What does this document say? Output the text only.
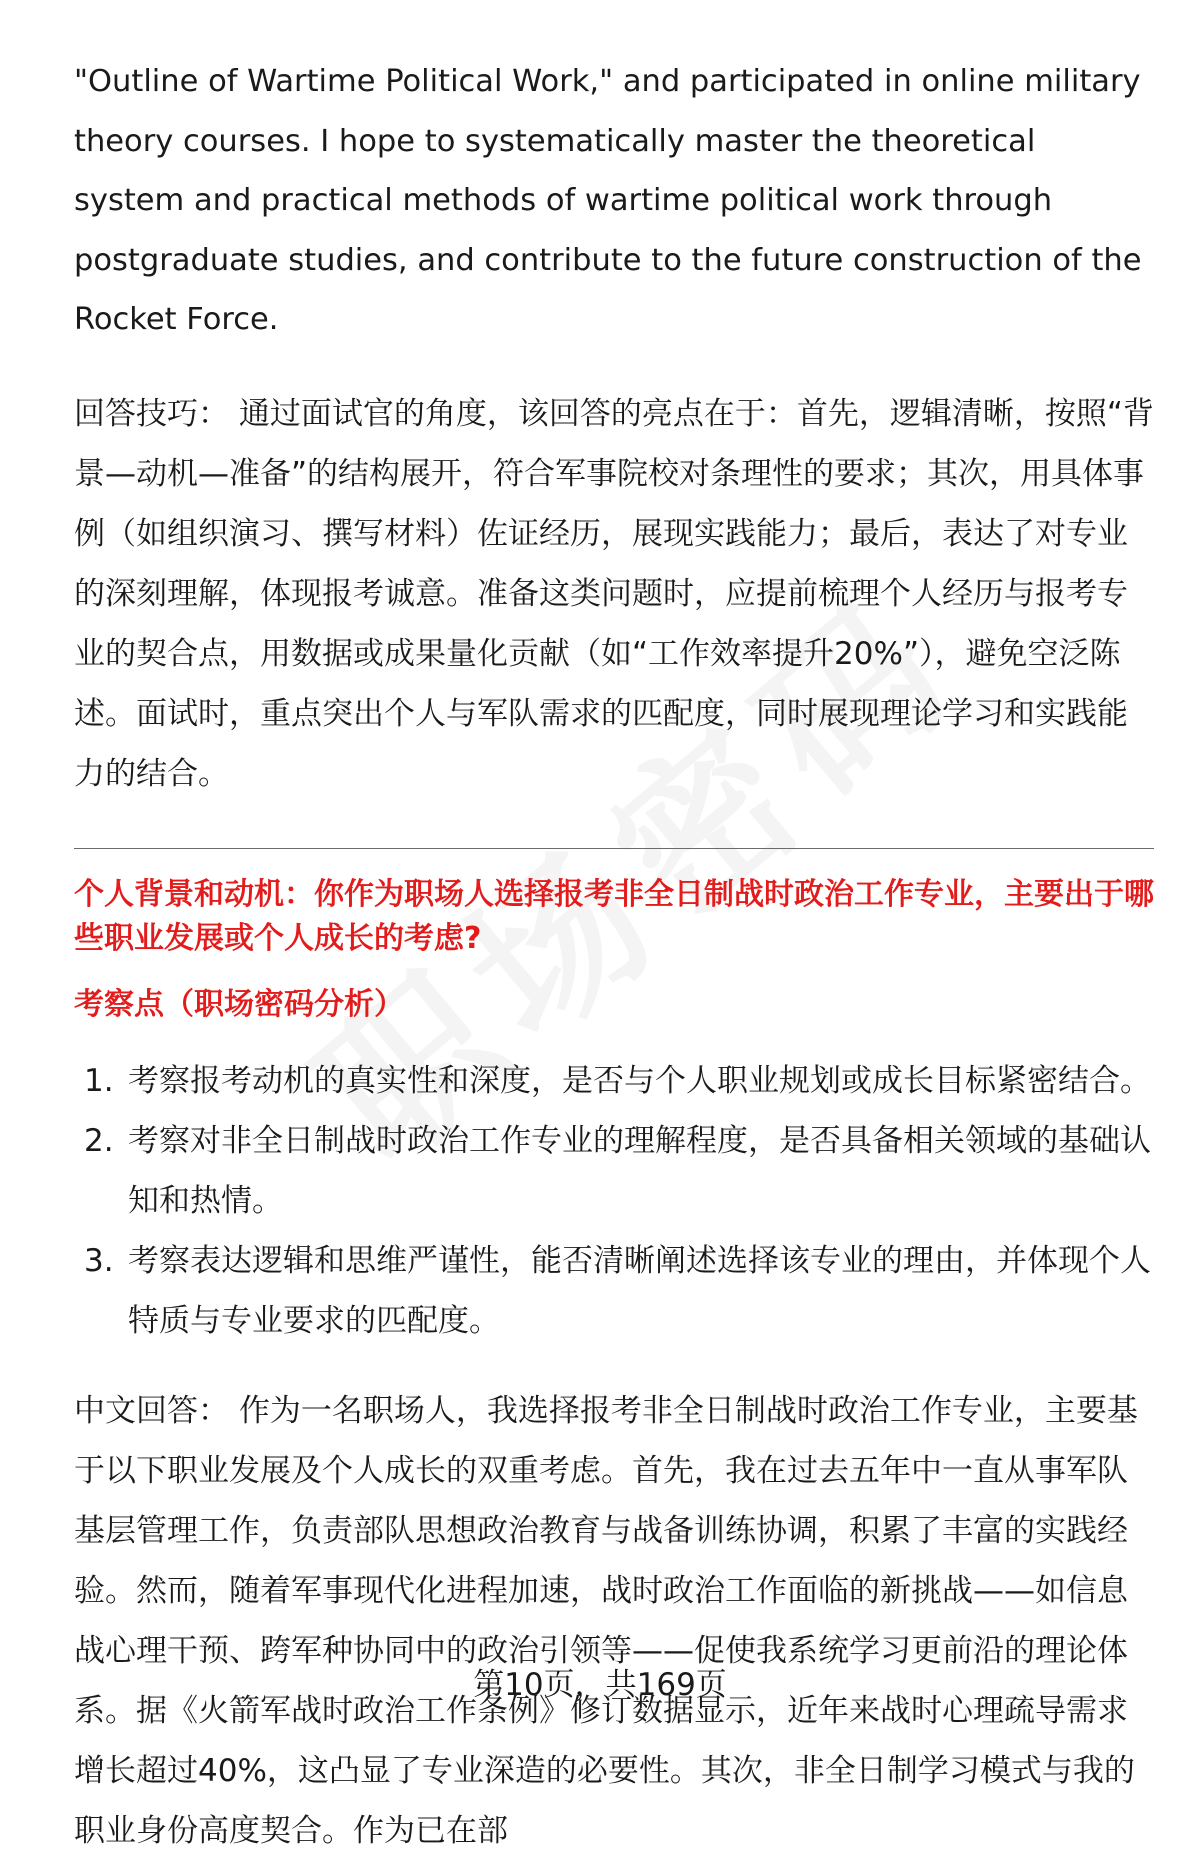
"Outline of Wartime Political Work," and participated in online military theory courses. I hope to systematically master the theoretical system and practical methods of wartime political work through postgraduate studies, and contribute to the future construction of the Rocket Force.

回答技巧： 通过面试官的角度，该回答的亮点在于：首先，逻辑清晰，按照“背景—动机—准备”的结构展开，符合军事院校对条理性的要求；其次，用具体事例（如组织演习、撰写材料）佐证经历，展现实践能力；最后，表达了对专业的深刻理解，体现报考诚意。准备这类问题时，应提前梳理个人经历与报考专业的契合点，用数据或成果量化贡献（如“工作效率提升20%”），避免空泛陈述。面试时，重点突出个人与军队需求的匹配度，同时展现理论学习和实践能力的结合。

个人背景和动机：你作为职场人选择报考非全日制战时政治工作专业，主要出于哪些职业发展或个人成长的考虑?

考察点（职场密码分析）

1. 考察报考动机的真实性和深度，是否与个人职业规划或成长目标紧密结合。
2. 考察对非全日制战时政治工作专业的理解程度，是否具备相关领域的基础认知和热情。
3. 考察表达逻辑和思维严谨性，能否清晰阐述选择该专业的理由，并体现个人特质与专业要求的匹配度。

中文回答： 作为一名职场人，我选择报考非全日制战时政治工作专业，主要基于以下职业发展及个人成长的双重考虑。首先，我在过去五年中一直从事军队基层管理工作，负责部队思想政治教育与战备训练协调，积累了丰富的实践经验。然而，随着军事现代化进程加速，战时政治工作面临的新挑战——如信息战心理干预、跨军种协同中的政治引领等——促使我系统学习更前沿的理论体系。据《火箭军战时政治工作条例》修订数据显示，近年来战时心理疏导需求增长超过40%，这凸显了专业深造的必要性。其次，非全日制学习模式与我的职业身份高度契合。作为已在部

第10页，共169页
